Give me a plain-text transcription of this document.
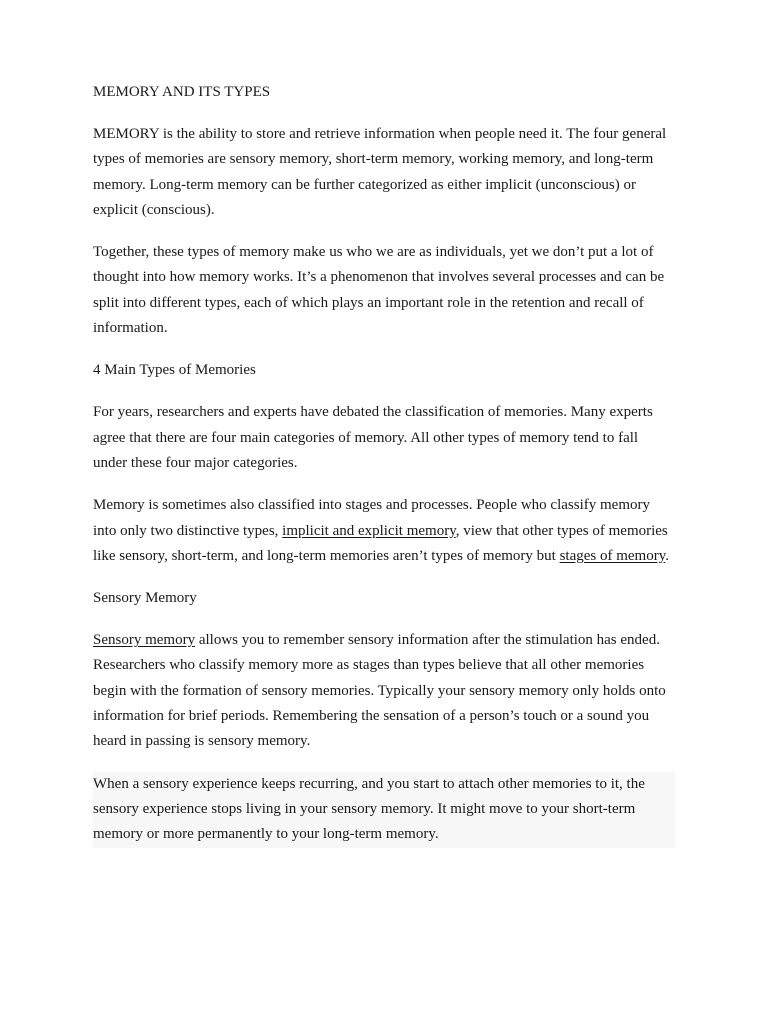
MEMORY AND ITS TYPES

MEMORY is the ability to store and retrieve information when people need it. The four general types of memories are sensory memory, short-term memory, working memory, and long-term memory. Long-term memory can be further categorized as either implicit (unconscious) or explicit (conscious).

Together, these types of memory make us who we are as individuals, yet we don’t put a lot of thought into how memory works. It’s a phenomenon that involves several processes and can be split into different types, each of which plays an important role in the retention and recall of information.

4 Main Types of Memories

For years, researchers and experts have debated the classification of memories. Many experts agree that there are four main categories of memory. All other types of memory tend to fall under these four major categories.

Memory is sometimes also classified into stages and processes. People who classify memory into only two distinctive types, implicit and explicit memory, view that other types of memories like sensory, short-term, and long-term memories aren’t types of memory but stages of memory.

Sensory Memory

Sensory memory allows you to remember sensory information after the stimulation has ended. Researchers who classify memory more as stages than types believe that all other memories begin with the formation of sensory memories. Typically your sensory memory only holds onto information for brief periods. Remembering the sensation of a person’s touch or a sound you heard in passing is sensory memory.

When a sensory experience keeps recurring, and you start to attach other memories to it, the sensory experience stops living in your sensory memory. It might move to your short-term memory or more permanently to your long-term memory.
